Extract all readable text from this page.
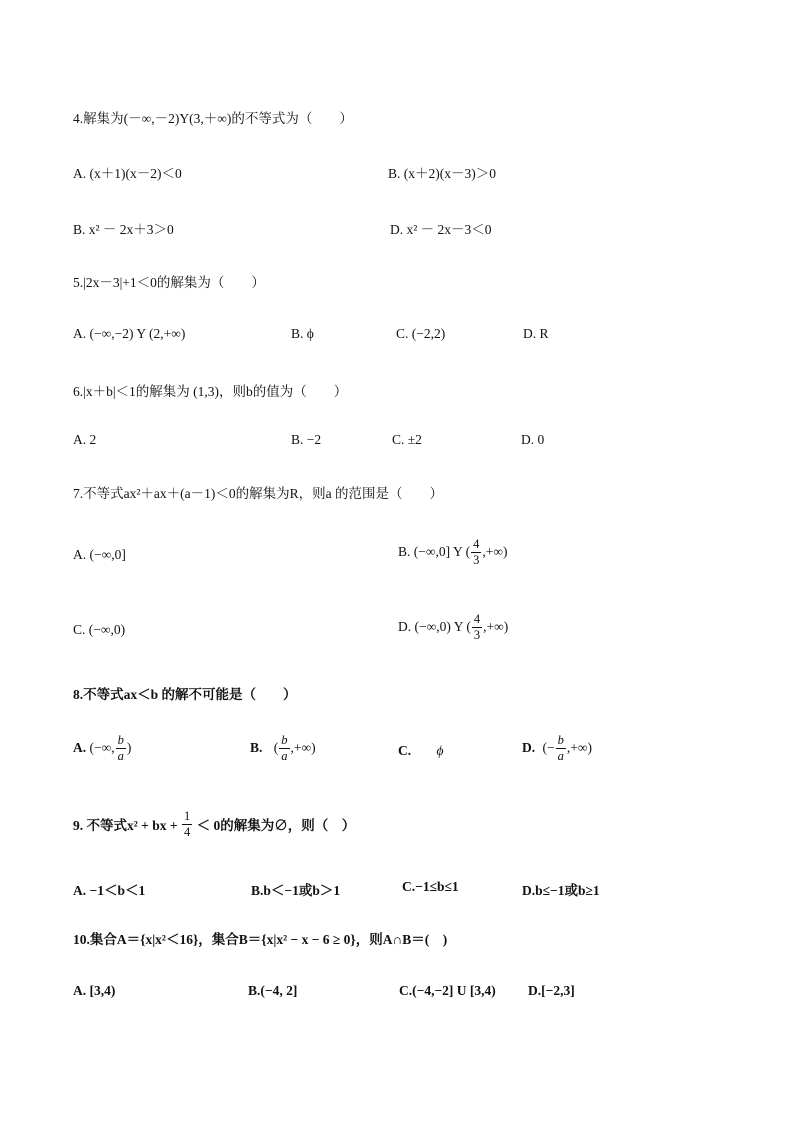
4.解集为(－∞,－2)Y(3,＋∞)的不等式为（　　）
A. (x＋1)(x－2)＜0	B. (x＋2)(x－3)＞0
B. x² － 2x＋3＞0	D. x² － 2x－3＜0
5.|2x－3|+1＜0的解集为（　　）
A. (−∞,−2) Y (2,+∞)	B. ϕ	C. (−2,2)	D. R
6.|x＋b|＜1的解集为 (1,3)，则b的值为（　　）
A. 2	B. −2	C. ±2	D. 0
7.不等式ax²＋ax＋(a－1)＜0的解集为R，则a 的范围是（　　）
A. (−∞,0]	B. (−∞,0] Y ( $\frac{4}{3}$ ,+∞)
C. (−∞,0)	D. (−∞,0) Y ( $\frac{4}{3}$ ,+∞)
8.不等式ax＜b 的解不可能是（　　）
A. (−∞, $\frac{b}{a}$ )	B. ( $\frac{b}{a}$ ,+∞)	C. ϕ	D. (− $\frac{b}{a}$ ,+∞)
9. 不等式x² + bx + $\frac{1}{4} < 0$的解集为∅，则（　）
A. −1＜b＜1	B.b＜−1或b＞1	C.−1≤b≤1	D.b≤−1或b≥1
10.集合A＝{x|x²＜16}，集合B＝{x|x² − x − 6 ≥ 0}，则A∩B＝(　)
A. [3,4)	B.(−4, 2]	C.(−4,−2] U [3,4) D.[−2,3]
